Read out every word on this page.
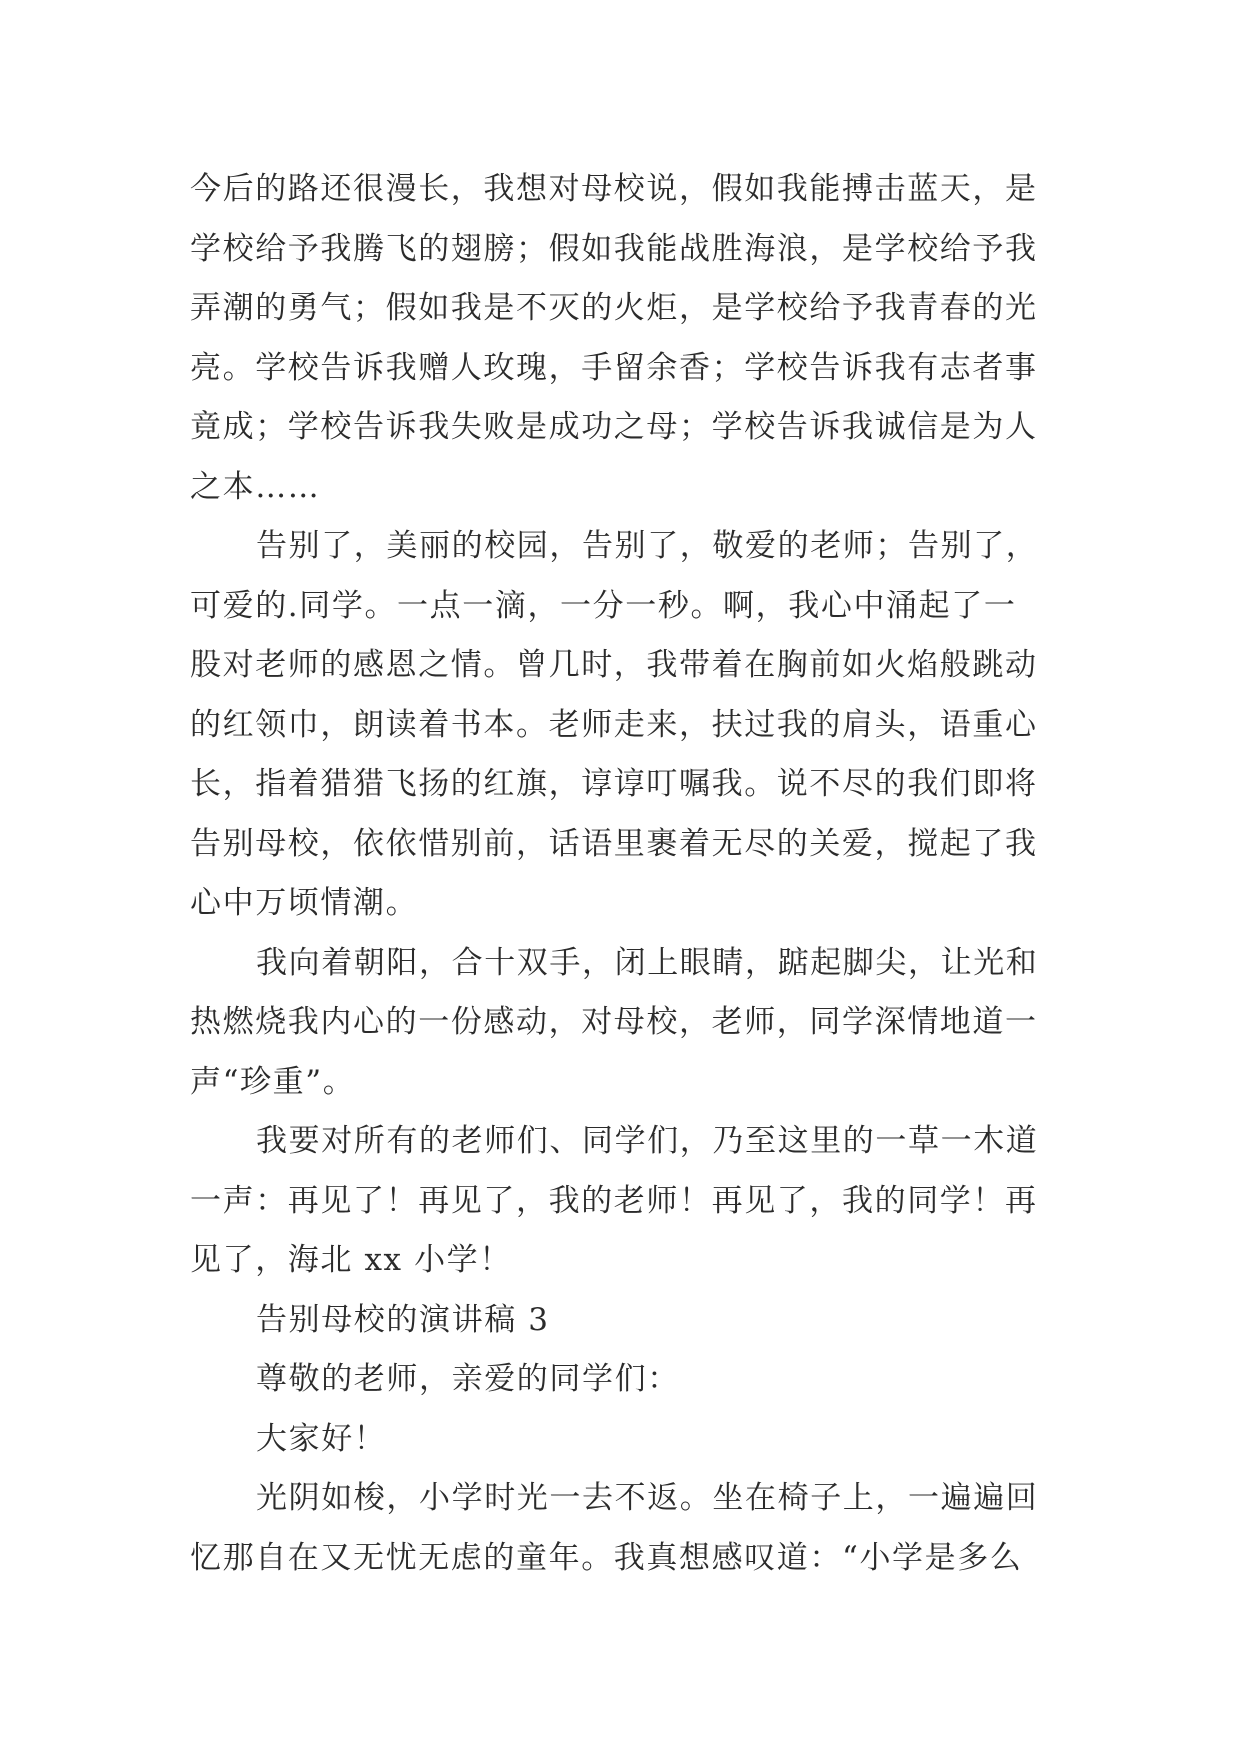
今后的路还很漫长，我想对母校说，假如我能搏击蓝天，是
学校给予我腾飞的翅膀；假如我能战胜海浪，是学校给予我
弄潮的勇气；假如我是不灭的火炬，是学校给予我青春的光
亮。学校告诉我赠人玫瑰，手留余香；学校告诉我有志者事
竟成；学校告诉我失败是成功之母；学校告诉我诚信是为人
之本……
告别了，美丽的校园，告别了，敬爱的老师；告别了，
可爱的.同学。一点一滴，一分一秒。啊，我心中涌起了一
股对老师的感恩之情。曾几时，我带着在胸前如火焰般跳动
的红领巾，朗读着书本。老师走来，扶过我的肩头，语重心
长，指着猎猎飞扬的红旗，谆谆叮嘱我。说不尽的我们即将
告别母校，依依惜别前，话语里裹着无尽的关爱，搅起了我
心中万顷情潮。
我向着朝阳，合十双手，闭上眼睛，踮起脚尖，让光和
热燃烧我内心的一份感动，对母校，老师，同学深情地道一
声“珍重”。
我要对所有的老师们、同学们，乃至这里的一草一木道
一声：再见了！再见了，我的老师！再见了，我的同学！再
见了，海北 xx 小学！
告别母校的演讲稿 3
尊敬的老师，亲爱的同学们：
大家好！
光阴如梭，小学时光一去不返。坐在椅子上，一遍遍回
忆那自在又无忧无虑的童年。我真想感叹道：“小学是多么
